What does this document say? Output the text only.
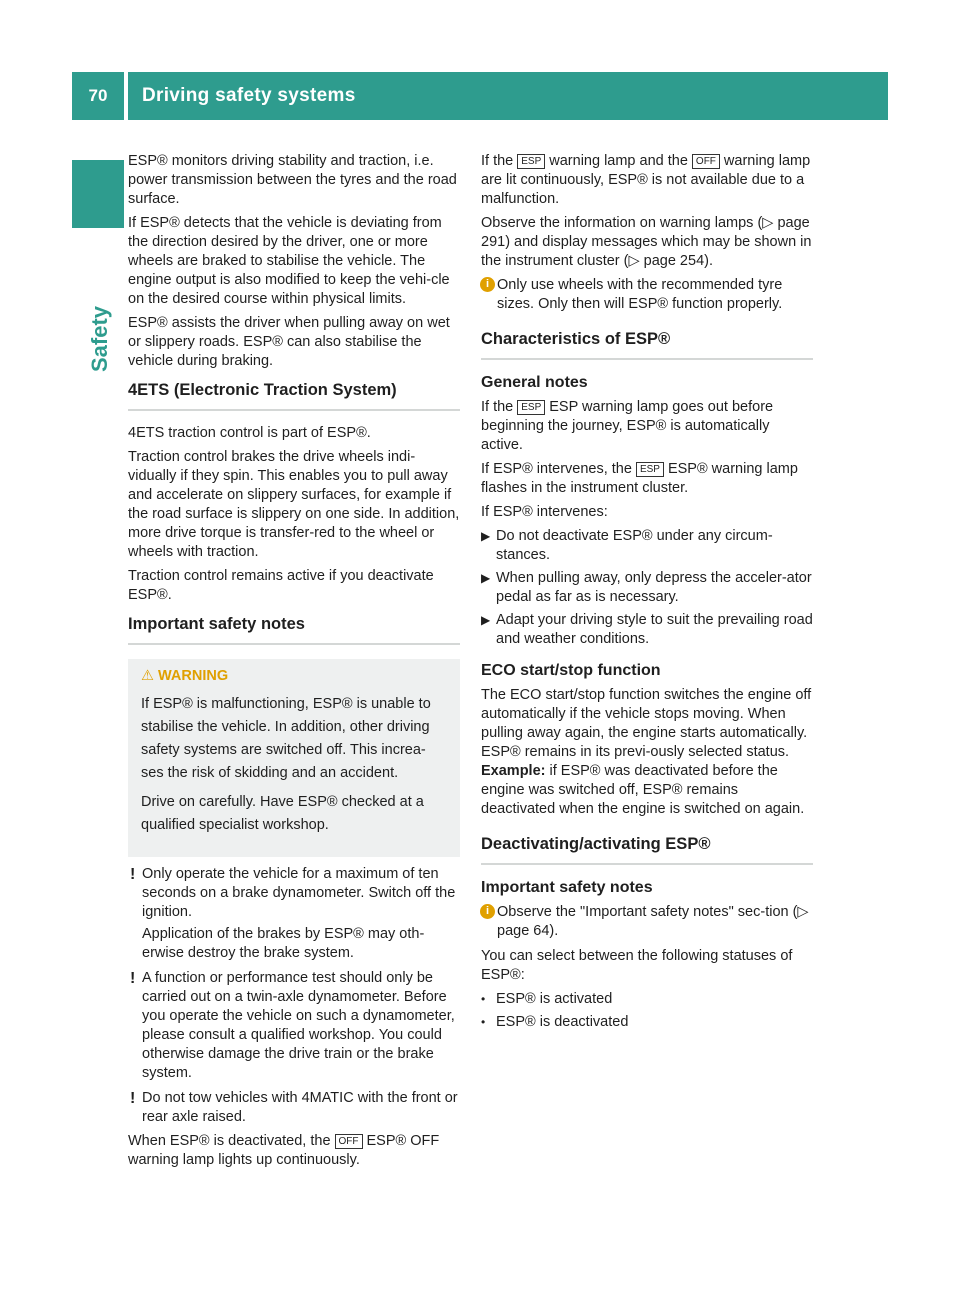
70	Driving safety systems
Safety

ESP® monitors driving stability and traction, i.e. power transmission between the tyres and the road surface.

If ESP® detects that the vehicle is deviating from the direction desired by the driver, one or more wheels are braked to stabilise the vehicle. The engine output is also modified to keep the vehi-cle on the desired course within physical limits.

ESP® assists the driver when pulling away on wet or slippery roads. ESP® can also stabilise the vehicle during braking.

4ETS (Electronic Traction System)

4ETS traction control is part of ESP®.

Traction control brakes the drive wheels indi-vidually if they spin. This enables you to pull away and accelerate on slippery surfaces, for example if the road surface is slippery on one side. In addition, more drive torque is transfer-red to the wheel or wheels with traction.

Traction control remains active if you deactivate ESP®.

Important safety notes
⚠ WARNING

If ESP® is malfunctioning, ESP® is unable to stabilise the vehicle. In addition, other driving safety systems are switched off. This increa-ses the risk of skidding and an accident.

Drive on carefully. Have ESP® checked at a qualified specialist workshop.

! Only operate the vehicle for a maximum of ten seconds on a brake dynamometer. Switch off the ignition.

Application of the brakes by ESP® may oth-erwise destroy the brake system.

! A function or performance test should only be carried out on a twin-axle dynamometer. Before you operate the vehicle on such a dynamometer, please consult a qualified workshop. You could otherwise damage the drive train or the brake system.

! Do not tow vehicles with 4MATIC with the front or rear axle raised.

When ESP® is deactivated, the OFF ESP® OFF warning lamp lights up continuously.

If the ESP warning lamp and the OFF warning lamp are lit continuously, ESP® is not available due to a malfunction.

Observe the information on warning lamps (▷ page 291) and display messages which may be shown in the instrument cluster (▷ page 254).

i Only use wheels with the recommended tyre sizes. Only then will ESP® function properly.
Characteristics of ESP®
General notes

If the ESP ESP warning lamp goes out before beginning the journey, ESP® is automatically active.

If ESP® intervenes, the ESP ESP® warning lamp flashes in the instrument cluster.

If ESP® intervenes:

▶ Do not deactivate ESP® under any circum-stances.
▶ When pulling away, only depress the acceler-ator pedal as far as is necessary.
▶ Adapt your driving style to suit the prevailing road and weather conditions.
ECO start/stop function

The ECO start/stop function switches the engine off automatically if the vehicle stops moving. When pulling away again, the engine starts automatically. ESP® remains in its previ-ously selected status. Example: if ESP® was deactivated before the engine was switched off, ESP® remains deactivated when the engine is switched on again.

Deactivating/activating ESP®
Important safety notes
i Observe the "Important safety notes" sec-tion (▷ page 64).

You can select between the following statuses of ESP®:

• ESP® is activated
• ESP® is deactivated
